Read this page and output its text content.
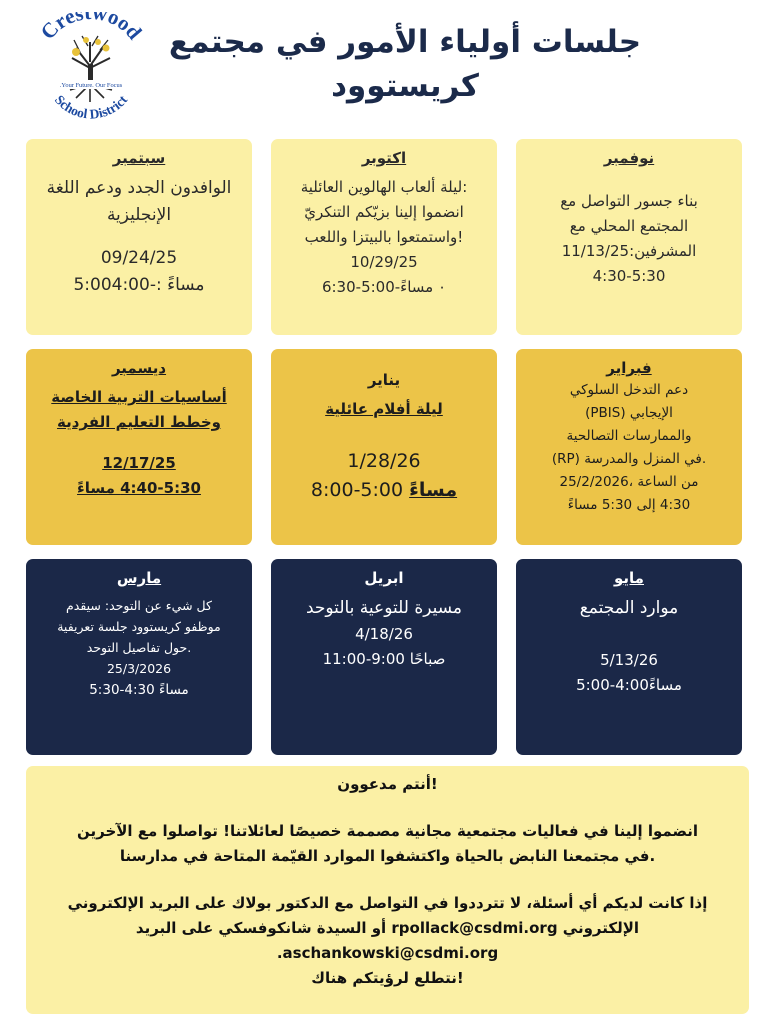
Crestwood
School District
Your Future. Our Focus.
جلسات أولياء الأمور في مجتمع
كريستوود
سبتمبر
الوافدون الجدد ودعم اللغة الإنجليزية
09/24/25
مساءً :-5:004:00
اكتوبر
:ليلة ألعاب الهالوين العائلية
انضموا إلينا بزيّكم التنكريّ
!واستمتعوا بالبيتزا واللعب
10/29/25
٠ مساءً-5:00-6:30
نوفمبر
بناء جسور التواصل مع
المجتمع المحلي مع
المشرفين:11/13/25
4:30-5:30
ديسمبر
أساسيات التربية الخاصة
وخطط التعليم الفردية
12/17/25
4:40-5:30 مساءً
يناير
ليلة أفلام عائلية
1/28/26
مساءً 5:00-8:00
فبراير
دعم التدخل السلوكي
الإيجابي (PBIS)
والممارسات التصالحية
.في المنزل والمدرسة (RP)
من الساعة ،25/2/2026
4:30 إلى 5:30 مساءً
مارس
كل شيء عن التوحد: سيقدم
موظفو كريستوود جلسة تعريفية
.حول تفاصيل التوحد
25/3/2026
مساءً 4:30-5:30
ابريل
مسيرة للتوعية بالتوحد
4/18/26
صباحًا 9:00-11:00
مايو
موارد المجتمع
5/13/26
مساءً4:00-5:00
!أنتم مدعوون
انضموا إلينا في فعاليات مجتمعية مجانية مصممة خصيصًا لعائلاتنا! تواصلوا مع الآخرين
.في مجتمعنا النابض بالحياة واكتشفوا الموارد القيّمة المتاحة في مدارسنا
إذا كانت لديكم أي أسئلة، لا تترددوا في التواصل مع الدكتور بولاك على البريد الإلكتروني
الإلكتروني rpollack@csdmi.org أو السيدة شانكوفسكي على البريد
aschankowski@csdmi.org.
!نتطلع لرؤيتكم هناك
